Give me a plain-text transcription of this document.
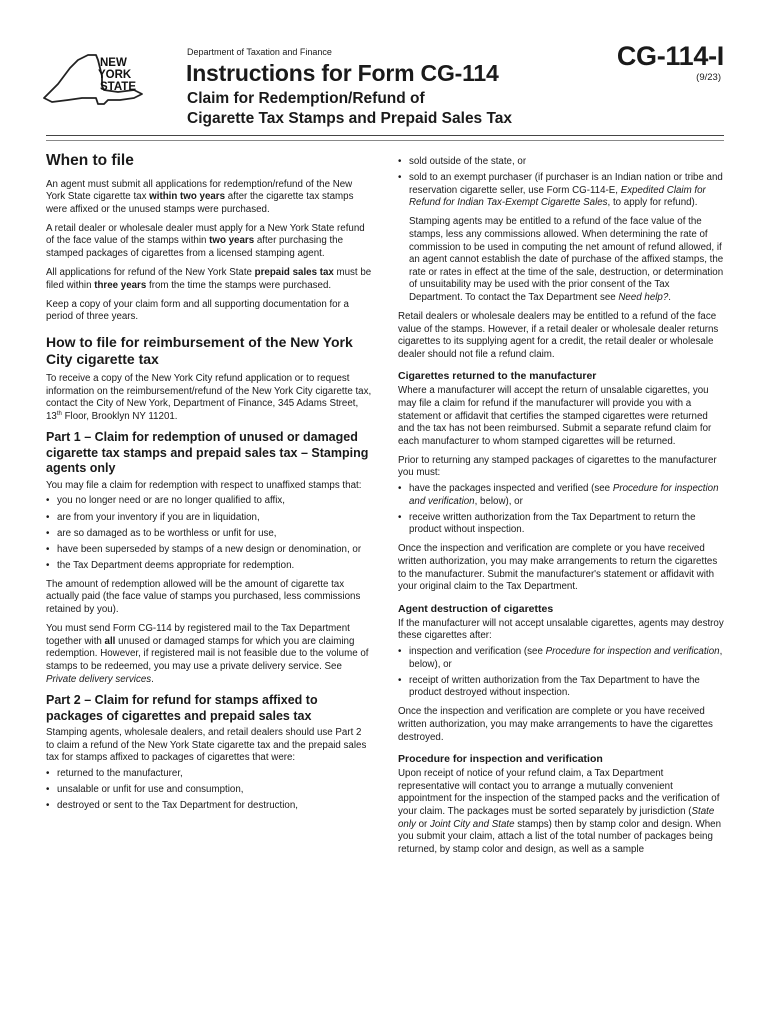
NEW
YORK
STATE
Department of Taxation and Finance
Instructions for Form CG-114
Claim for Redemption/Refund of
Cigarette Tax Stamps and Prepaid Sales Tax
CG-114-I
(9/23)
When to file

An agent must submit all applications for redemption/refund of the New York State cigarette tax within two years after the cigarette tax stamps were affixed or the unused stamps were purchased.

A retail dealer or wholesale dealer must apply for a New York State refund of the face value of the stamps within two years after purchasing the stamped packages of cigarettes from a licensed stamping agent.

All applications for refund of the New York State prepaid sales tax must be filed within three years from the time the stamps were purchased.

Keep a copy of your claim form and all supporting documentation for a period of three years.

How to file for reimbursement of the New York City cigarette tax

To receive a copy of the New York City refund application or to request information on the reimbursement/refund of the New York City cigarette tax, contact the City of New York, Department of Finance, 345 Adams Street, 13th Floor, Brooklyn NY 11201.

Part 1 – Claim for redemption of unused or damaged cigarette tax stamps and prepaid sales tax – Stamping agents only

You may file a claim for redemption with respect to unaffixed stamps that:

• you no longer need or are no longer qualified to affix,
• are from your inventory if you are in liquidation,
• are so damaged as to be worthless or unfit for use,
• have been superseded by stamps of a new design or denomination, or
• the Tax Department deems appropriate for redemption.

The amount of redemption allowed will be the amount of cigarette tax actually paid (the face value of stamps you purchased, less commissions retained by you).

You must send Form CG-114 by registered mail to the Tax Department together with all unused or damaged stamps for which you are claiming redemption. However, if registered mail is not feasible due to the volume of stamps to be redeemed, you may use a private delivery service. See Private delivery services.

Part 2 – Claim for refund for stamps affixed to packages of cigarettes and prepaid sales tax

Stamping agents, wholesale dealers, and retail dealers should use Part 2 to claim a refund of the New York State cigarette tax and the prepaid sales tax for stamps affixed to packages of cigarettes that were:

• returned to the manufacturer,
• unsalable or unfit for use and consumption,
• destroyed or sent to the Tax Department for destruction,
• sold outside of the state, or
• sold to an exempt purchaser (if purchaser is an Indian nation or tribe and reservation cigarette seller, use Form CG-114-E, Expedited Claim for Refund for Indian Tax-Exempt Cigarette Sales, to apply for refund).

Stamping agents may be entitled to a refund of the face value of the stamps, less any commissions allowed. When determining the rate of commission to be used in computing the net amount of refund allowed, if an agent cannot establish the date of purchase of the affixed stamps, the rate or rates in effect at the time of the sale, destruction, or determination of unsuitability may be used with the prior consent of the Tax Department. To contact the Tax Department see Need help?.

Retail dealers or wholesale dealers may be entitled to a refund of the face value of the stamps. However, if a retail dealer or wholesale dealer returns cigarettes to its supplying agent for a credit, the retail dealer or wholesale dealer should not file a refund claim.

Cigarettes returned to the manufacturer

Where a manufacturer will accept the return of unsalable cigarettes, you may file a claim for refund if the manufacturer will provide you with a statement or affidavit that certifies the stamped cigarettes were returned and the tax has not been reimbursed. Submit a separate refund claim for each manufacturer to whom stamped cigarettes will be returned.

Prior to returning any stamped packages of cigarettes to the manufacturer you must:

• have the packages inspected and verified (see Procedure for inspection and verification, below), or
• receive written authorization from the Tax Department to return the product without inspection.

Once the inspection and verification are complete or you have received written authorization, you may make arrangements to return the cigarettes to the manufacturer. Submit the manufacturer's statement or affidavit with your original claim to the Tax Department.

Agent destruction of cigarettes

If the manufacturer will not accept unsalable cigarettes, agents may destroy these cigarettes after:

• inspection and verification (see Procedure for inspection and verification, below), or
• receipt of written authorization from the Tax Department to have the product destroyed without inspection.

Once the inspection and verification are complete or you have received written authorization, you may make arrangements to have the cigarettes destroyed.

Procedure for inspection and verification

Upon receipt of notice of your refund claim, a Tax Department representative will contact you to arrange a mutually convenient appointment for the inspection of the stamped packs and the verification of your claim. The packages must be sorted separately by jurisdiction (State only or Joint City and State stamps) then by stamp color and design. When you submit your claim, attach a list of the total number of packages being returned, by stamp color and design, as well as a sample
